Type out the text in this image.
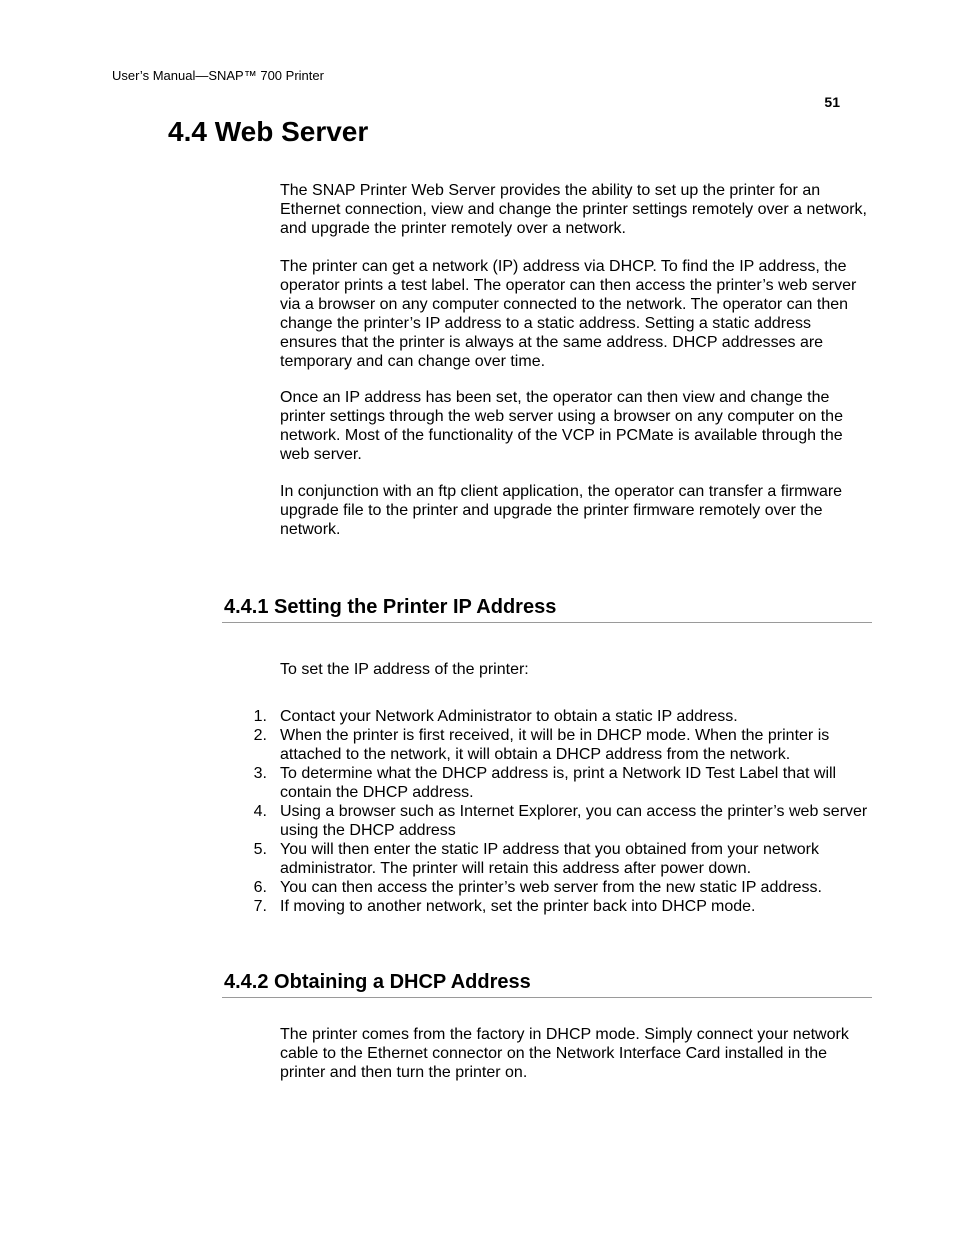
User’s Manual—SNAP™ 700 Printer
51
4.4 Web Server

The SNAP Printer Web Server provides the ability to set up the printer for an Ethernet connection, view and change the printer settings remotely over a network, and upgrade the printer remotely over a network.

The printer can get a network (IP) address via DHCP. To find the IP address, the operator prints a test label. The operator can then access the printer’s web server via a browser on any computer connected to the network. The operator can then change the printer’s IP address to a static address. Setting a static address ensures that the printer is always at the same address. DHCP addresses are temporary and can change over time.

Once an IP address has been set, the operator can then view and change the printer settings through the web server using a browser on any computer on the network. Most of the functionality of the VCP in PCMate is available through the web server.

In conjunction with an ftp client application, the operator can transfer a firmware upgrade file to the printer and upgrade the printer firmware remotely over the network.

4.4.1 Setting the Printer IP Address

To set the IP address of the printer:

1. Contact your Network Administrator to obtain a static IP address.
2. When the printer is first received, it will be in DHCP mode. When the printer is attached to the network, it will obtain a DHCP address from the network.
3. To determine what the DHCP address is, print a Network ID Test Label that will contain the DHCP address.
4. Using a browser such as Internet Explorer, you can access the printer’s web server using the DHCP address
5. You will then enter the static IP address that you obtained from your network administrator. The printer will retain this address after power down.
6. You can then access the printer’s web server from the new static IP address.
7. If moving to another network, set the printer back into DHCP mode.
4.4.2 Obtaining a DHCP Address

The printer comes from the factory in DHCP mode. Simply connect your network cable to the Ethernet connector on the Network Interface Card installed in the printer and then turn the printer on.
